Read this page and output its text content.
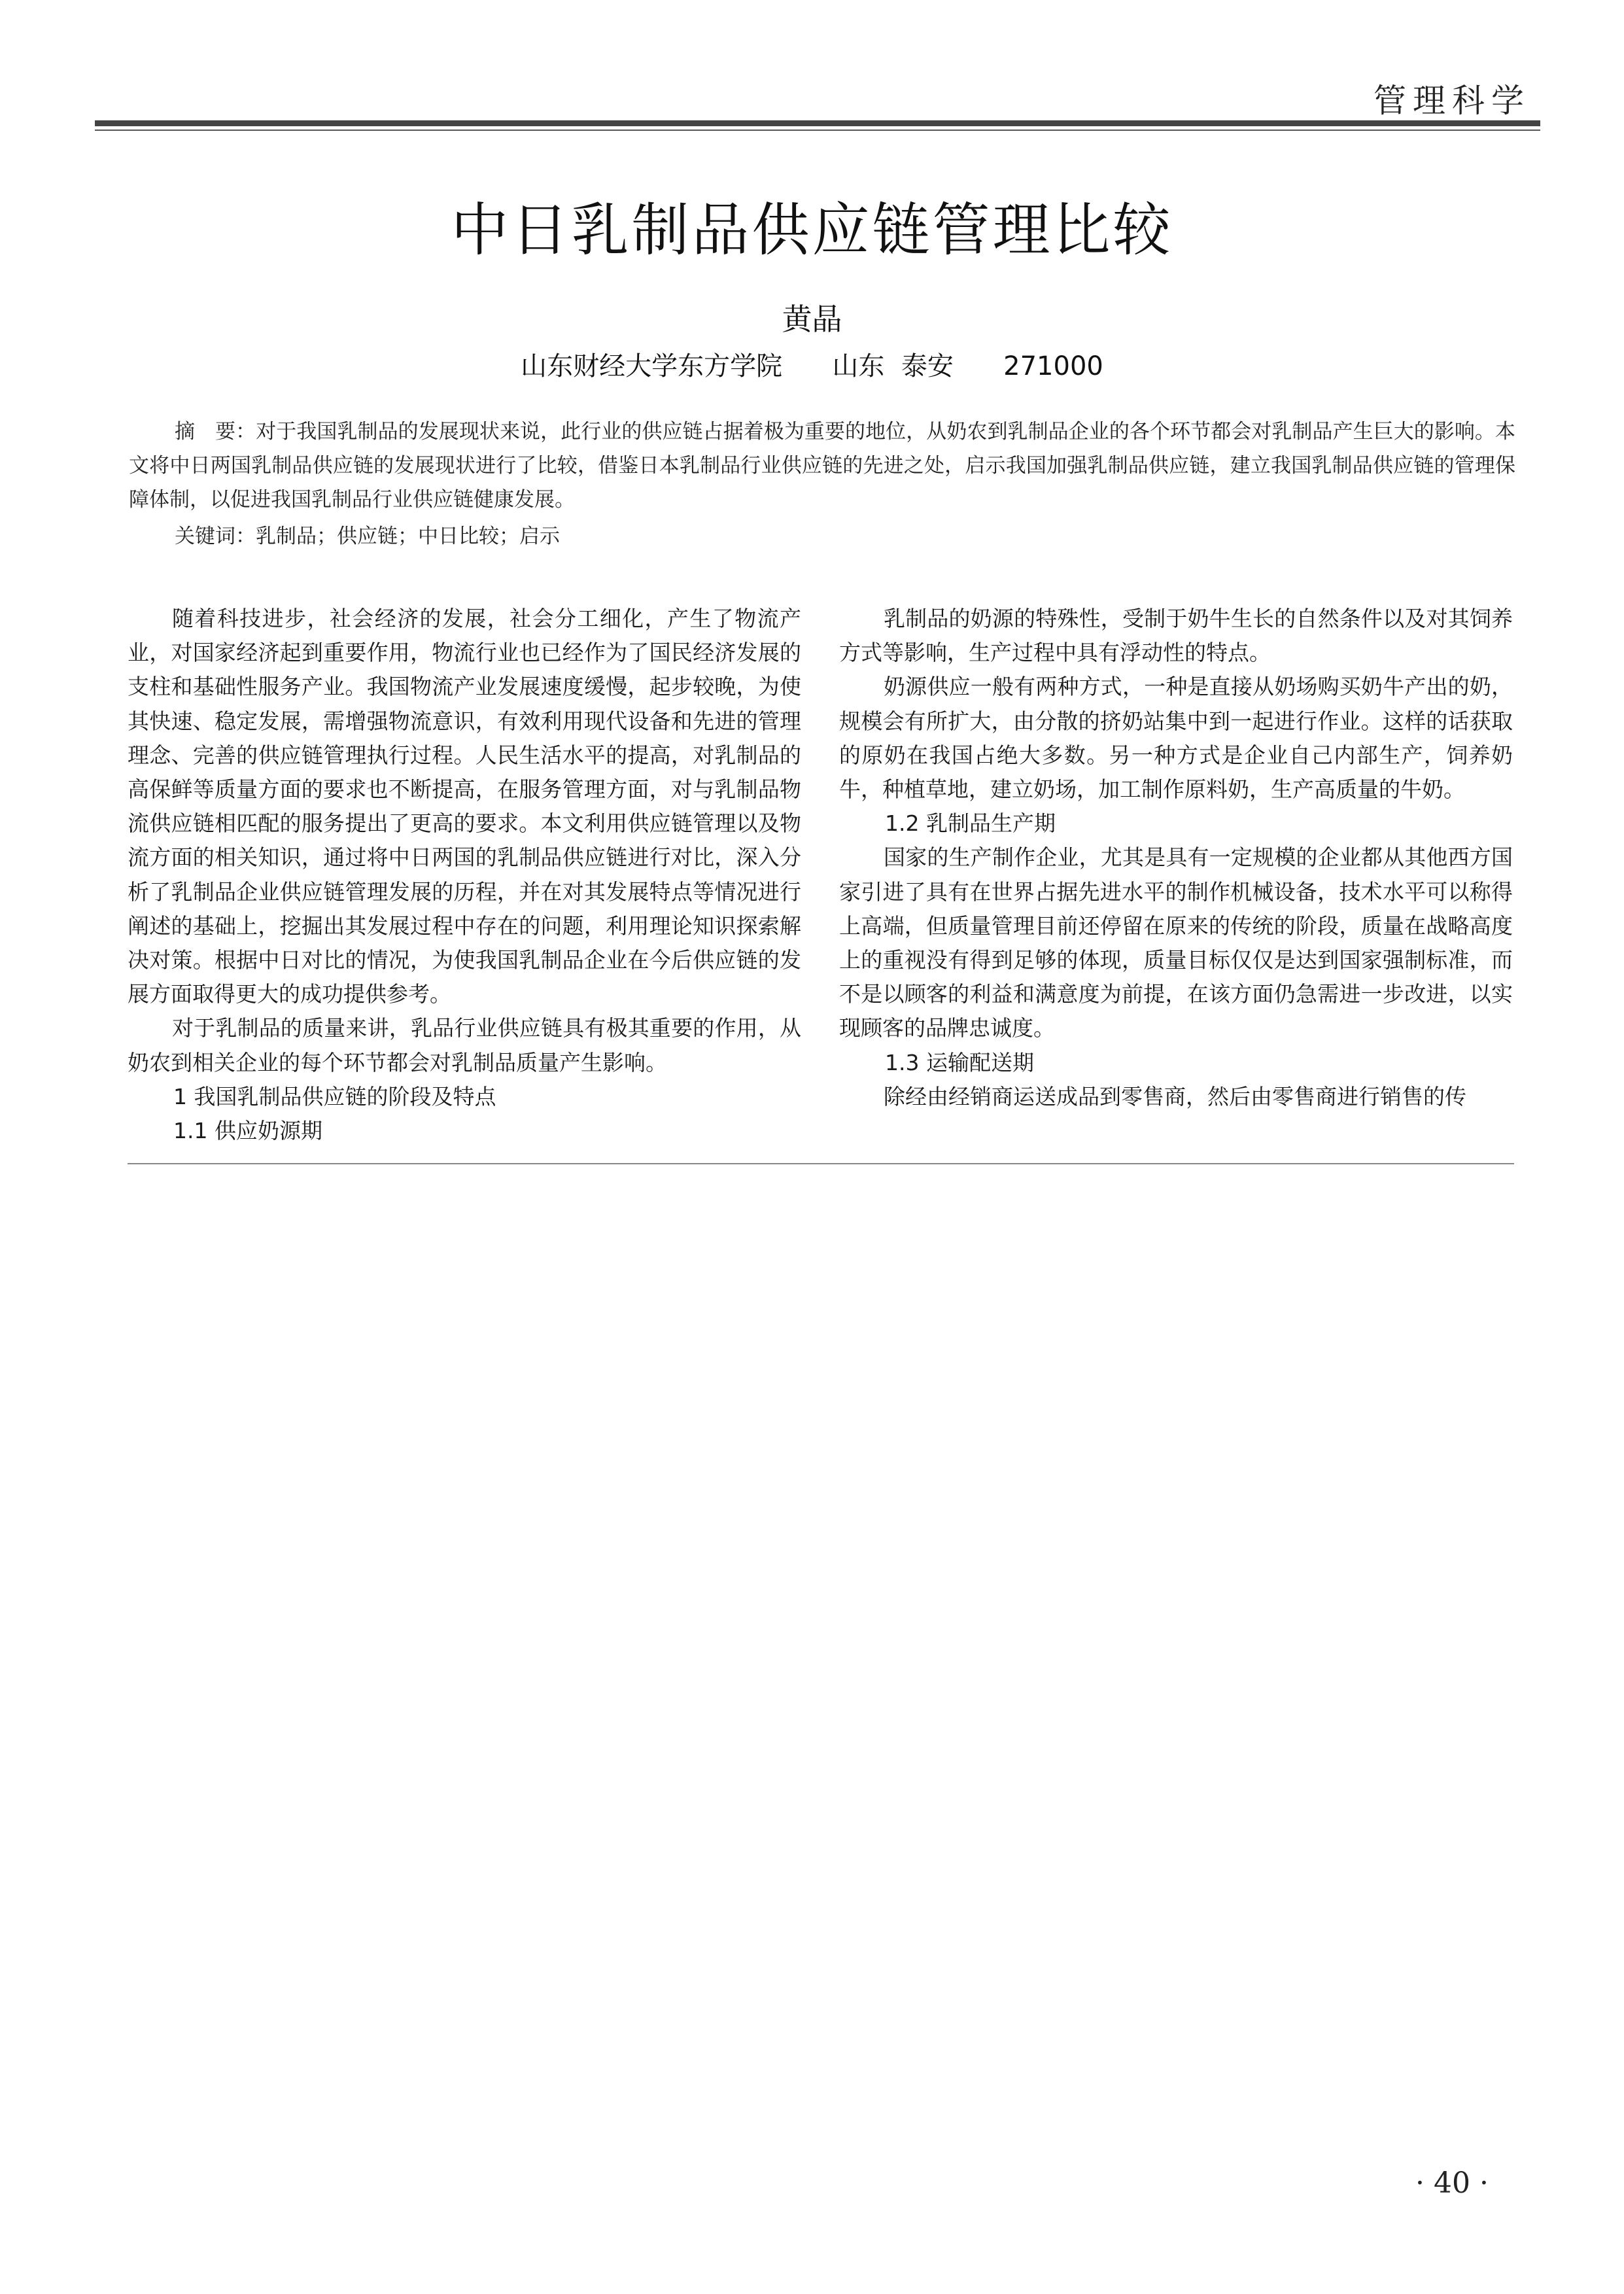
管理科学
中日乳制品供应链管理比较
黄晶
山东财经大学东方学院      山东  泰安      271000

摘　要：对于我国乳制品的发展现状来说，此行业的供应链占据着极为重要的地位，从奶农到乳制品企业的各个环节都会对乳制品产生巨大的影响。本文将中日两国乳制品供应链的发展现状进行了比较，借鉴日本乳制品行业供应链的先进之处，启示我国加强乳制品供应链，建立我国乳制品供应链的管理保障体制，以促进我国乳制品行业供应链健康发展。

关键词：乳制品；供应链；中日比较；启示

随着科技进步，社会经济的发展，社会分工细化，产生了物流产业，对国家经济起到重要作用，物流行业也已经作为了国民经济发展的支柱和基础性服务产业。我国物流产业发展速度缓慢，起步较晚，为使其快速、稳定发展，需增强物流意识，有效利用现代设备和先进的管理理念、完善的供应链管理执行过程。人民生活水平的提高，对乳制品的高保鲜等质量方面的要求也不断提高，在服务管理方面，对与乳制品物流供应链相匹配的服务提出了更高的要求。本文利用供应链管理以及物流方面的相关知识，通过将中日两国的乳制品供应链进行对比，深入分析了乳制品企业供应链管理发展的历程，并在对其发展特点等情况进行阐述的基础上，挖掘出其发展过程中存在的问题，利用理论知识探索解决对策。根据中日对比的情况，为使我国乳制品企业在今后供应链的发展方面取得更大的成功提供参考。

对于乳制品的质量来讲，乳品行业供应链具有极其重要的作用，从奶农到相关企业的每个环节都会对乳制品质量产生影响。

1 我国乳制品供应链的阶段及特点

1.1 供应奶源期

乳制品的奶源的特殊性，受制于奶牛生长的自然条件以及对其饲养方式等影响，生产过程中具有浮动性的特点。

奶源供应一般有两种方式，一种是直接从奶场购买奶牛产出的奶，规模会有所扩大，由分散的挤奶站集中到一起进行作业。这样的话获取的原奶在我国占绝大多数。另一种方式是企业自己内部生产，饲养奶牛，种植草地，建立奶场，加工制作原料奶，生产高质量的牛奶。

1.2 乳制品生产期

国家的生产制作企业，尤其是具有一定规模的企业都从其他西方国家引进了具有在世界占据先进水平的制作机械设备，技术水平可以称得上高端，但质量管理目前还停留在原来的传统的阶段，质量在战略高度上的重视没有得到足够的体现，质量目标仅仅是达到国家强制标准，而不是以顾客的利益和满意度为前提，在该方面仍急需进一步改进，以实现顾客的品牌忠诚度。

1.3 运输配送期

除经由经销商运送成品到零售商，然后由零售商进行销售的传

· 40 ·
